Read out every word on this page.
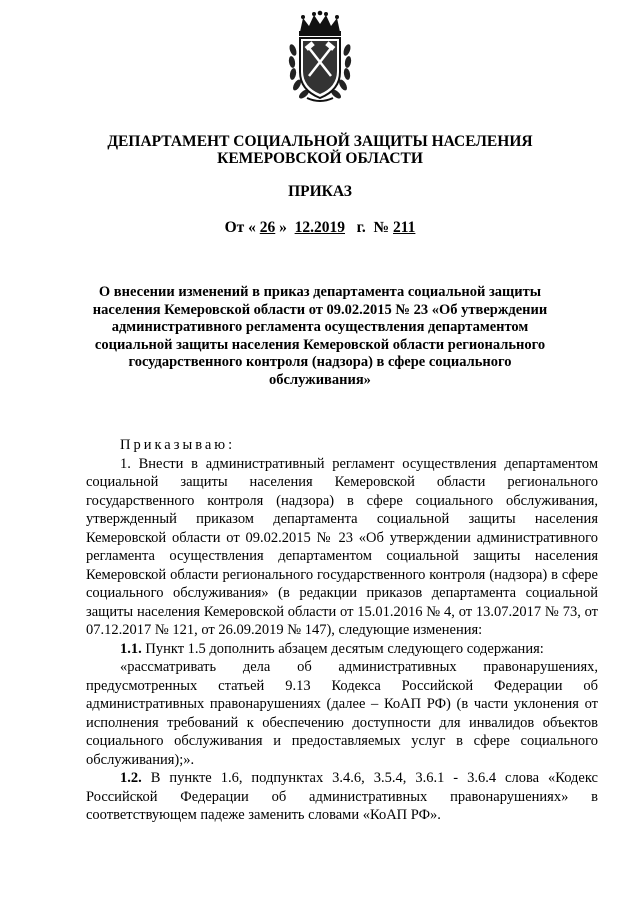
ДЕПАРТАМЕНТ СОЦИАЛЬНОЙ ЗАЩИТЫ НАСЕЛЕНИЯ
КЕМЕРОВСКОЙ ОБЛАСТИ
ПРИКАЗ
От « 26 »  12.2019   г.  № 211
О внесении изменений в приказ департамента социальной защиты населения Кемеровской области от 09.02.2015 № 23 «Об утверждении административного регламента осуществления департаментом социальной защиты населения Кемеровской области регионального государственного контроля (надзора) в сфере социального обслуживания»

Приказываю:

1. Внести в административный регламент осуществления департаментом социальной защиты населения Кемеровской области регионального государственного контроля (надзора) в сфере социального обслуживания, утвержденный приказом департамента социальной защиты населения Кемеровской области от 09.02.2015 № 23 «Об утверждении административного регламента осуществления департаментом социальной защиты населения Кемеровской области регионального государственного контроля (надзора) в сфере социального обслуживания» (в редакции приказов департамента социальной защиты населения Кемеровской области от 15.01.2016 № 4, от 13.07.2017 № 73, от 07.12.2017 № 121, от 26.09.2019 № 147), следующие изменения:

1.1. Пункт 1.5 дополнить абзацем десятым следующего содержания:

«рассматривать дела об административных правонарушениях, предусмотренных статьей 9.13 Кодекса Российской Федерации об административных правонарушениях (далее – КоАП РФ) (в части уклонения от исполнения требований к обеспечению доступности для инвалидов объектов социального обслуживания и предоставляемых услуг в сфере социального обслуживания);».

1.2. В пункте 1.6, подпунктах 3.4.6, 3.5.4, 3.6.1 - 3.6.4 слова «Кодекс Российской Федерации об административных правонарушениях» в соответствующем падеже заменить словами «КоАП РФ».
